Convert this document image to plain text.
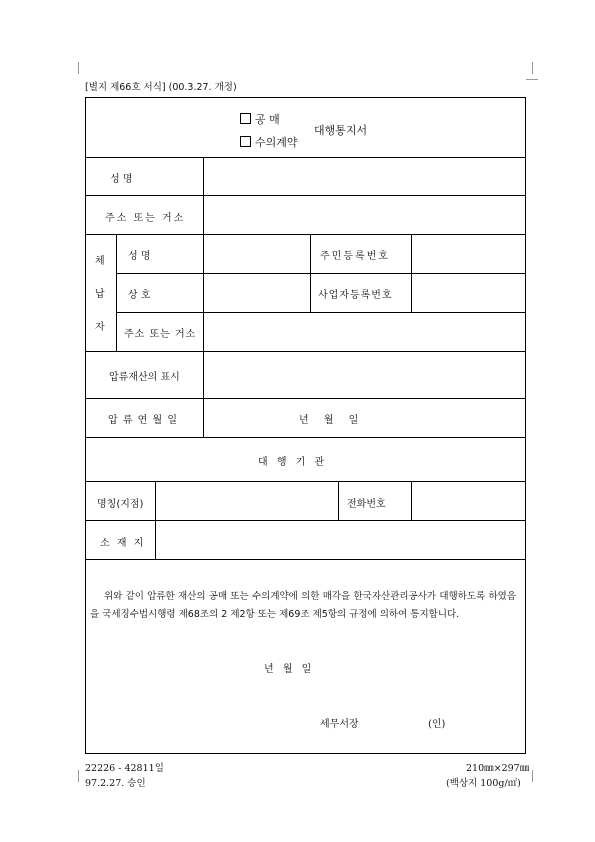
[별지 제66호 서식] (00.3.27. 개정)
공 매
수의계약
대행통지서
성 명
주소 또는 거소
체
납
자
성 명	주민등록번호
상 호	사업자등록번호
주소 또는 거소
압류재산의 표시
압 류 연 월 일	년 월 일
대 행 기 관
명칭(지점)	전화번호
소 재 지
위와 같이 압류한 재산의 공매 또는 수의계약에 의한 매각을 한국자산관리공사가 대행하도록 하였음을 국세징수법시행령 제68조의 2 제2항 또는 제69조 제5항의 규정에 의하여 통지합니다.
년 월 일
세무서장	(인)
22226 - 42811일
97.2.27. 승인
210㎜×297㎜
(백상지 100g/㎡)
